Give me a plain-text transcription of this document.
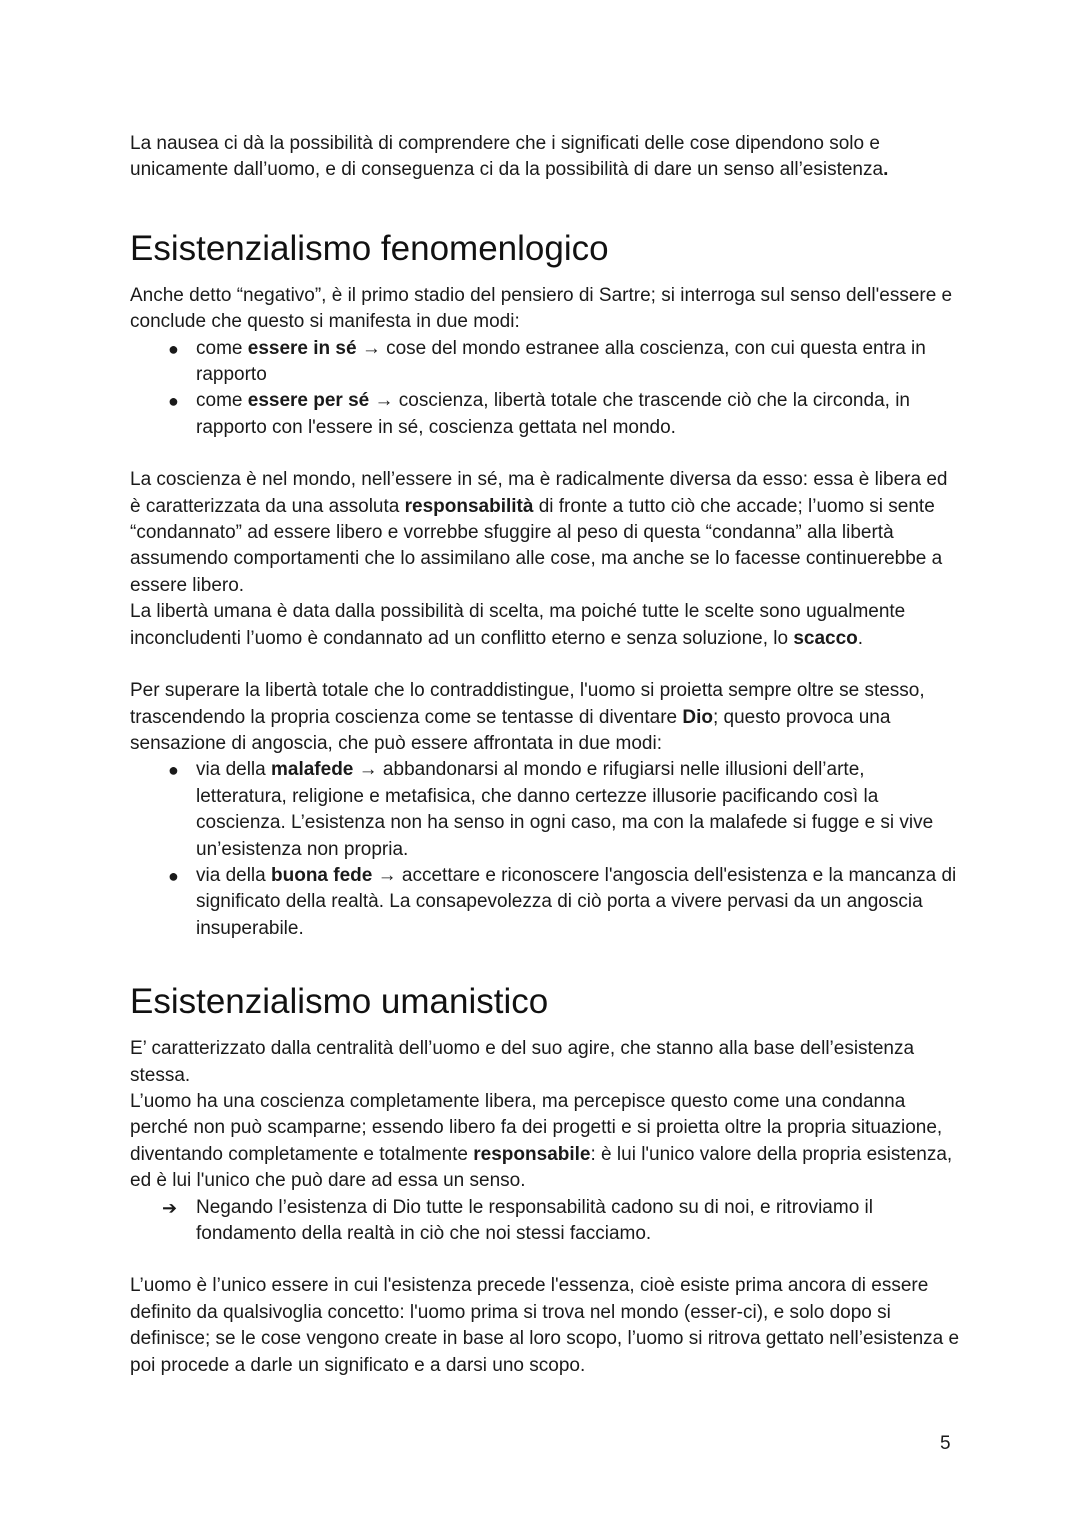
La nausea ci dà la possibilità di comprendere che i significati delle cose dipendono solo e unicamente dall’uomo, e di conseguenza ci da la possibilità di dare un senso all’esistenza.

Esistenzialismo fenomenlogico

Anche detto “negativo”, è il primo stadio del pensiero di Sartre; si interroga sul senso dell'essere e conclude che questo si manifesta in due modi:

● come essere in sé → cose del mondo estranee alla coscienza, con cui questa entra in rapporto
● come essere per sé → coscienza, libertà totale che trascende ciò che la circonda, in rapporto con l'essere in sé, coscienza gettata nel mondo.

La coscienza è nel mondo, nell’essere in sé, ma è radicalmente diversa da esso: essa è libera ed è caratterizzata da una assoluta responsabilità di fronte a tutto ciò che accade; l’uomo si sente “condannato” ad essere libero e vorrebbe sfuggire al peso di questa “condanna” alla libertà assumendo comportamenti che lo assimilano alle cose, ma anche se lo facesse continuerebbe a essere libero.

La libertà umana è data dalla possibilità di scelta, ma poiché tutte le scelte sono ugualmente inconcludenti l’uomo è condannato ad un conflitto eterno e senza soluzione, lo scacco.

Per superare la libertà totale che lo contraddistingue, l'uomo si proietta sempre oltre se stesso, trascendendo la propria coscienza come se tentasse di diventare Dio; questo provoca una sensazione di angoscia, che può essere affrontata in due modi:

● via della malafede → abbandonarsi al mondo e rifugiarsi nelle illusioni dell’arte, letteratura, religione e metafisica, che danno certezze illusorie pacificando così la coscienza. L’esistenza non ha senso in ogni caso, ma con la malafede si fugge e si vive un’esistenza non propria.
● via della buona fede → accettare e riconoscere l'angoscia dell'esistenza e la mancanza di significato della realtà. La consapevolezza di ciò porta a vivere pervasi da un angoscia insuperabile.
Esistenzialismo umanistico

E’ caratterizzato dalla centralità dell’uomo e del suo agire, che stanno alla base dell’esistenza stessa.

L’uomo ha una coscienza completamente libera, ma percepisce questo come una condanna perché non può scamparne; essendo libero fa dei progetti e si proietta oltre la propria situazione, diventando completamente e totalmente responsabile: è lui l'unico valore della propria esistenza, ed è lui l'unico che può dare ad essa un senso.

➔ Negando l’esistenza di Dio tutte le responsabilità cadono su di noi, e ritroviamo il fondamento della realtà in ciò che noi stessi facciamo.

L’uomo è l’unico essere in cui l'esistenza precede l'essenza, cioè esiste prima ancora di essere definito da qualsivoglia concetto: l'uomo prima si trova nel mondo (esser-ci), e solo dopo si definisce; se le cose vengono create in base al loro scopo, l’uomo si ritrova gettato nell’esistenza e poi procede a darle un significato e a darsi uno scopo.

5
